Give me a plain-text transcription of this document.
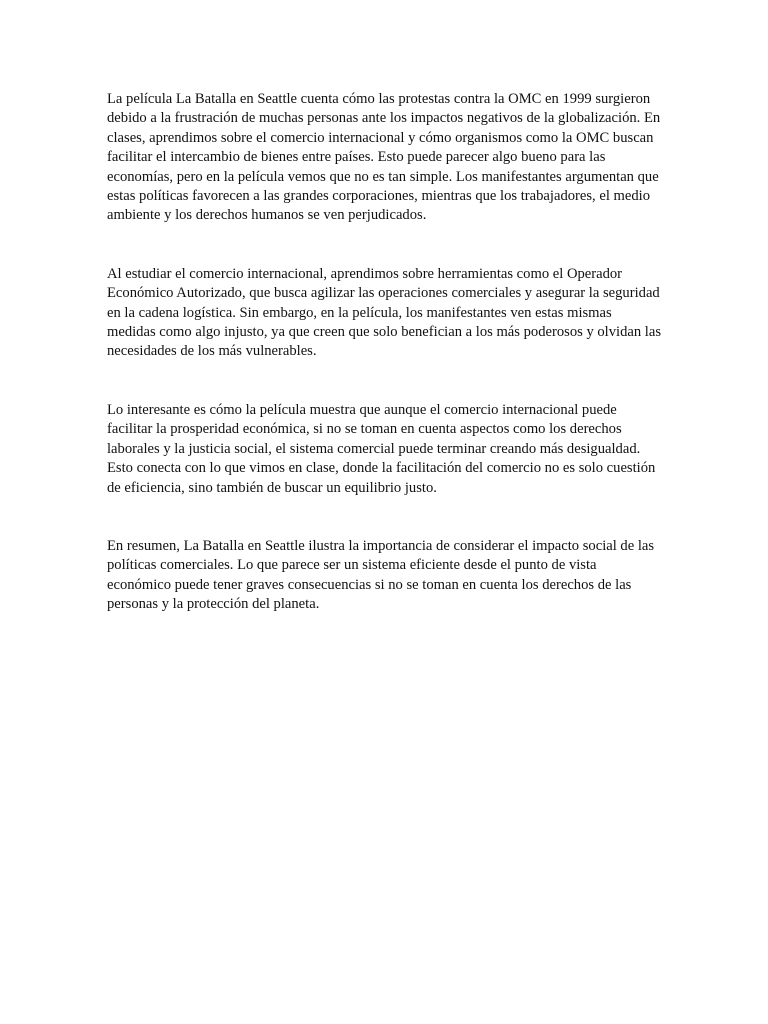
La película La Batalla en Seattle cuenta cómo las protestas contra la OMC en 1999 surgieron debido a la frustración de muchas personas ante los impactos negativos de la globalización. En clases, aprendimos sobre el comercio internacional y cómo organismos como la OMC buscan facilitar el intercambio de bienes entre países. Esto puede parecer algo bueno para las economías, pero en la película vemos que no es tan simple. Los manifestantes argumentan que estas políticas favorecen a las grandes corporaciones, mientras que los trabajadores, el medio ambiente y los derechos humanos se ven perjudicados.

Al estudiar el comercio internacional, aprendimos sobre herramientas como el Operador Económico Autorizado, que busca agilizar las operaciones comerciales y asegurar la seguridad en la cadena logística. Sin embargo, en la película, los manifestantes ven estas mismas medidas como algo injusto, ya que creen que solo benefician a los más poderosos y olvidan las necesidades de los más vulnerables.

Lo interesante es cómo la película muestra que aunque el comercio internacional puede facilitar la prosperidad económica, si no se toman en cuenta aspectos como los derechos laborales y la justicia social, el sistema comercial puede terminar creando más desigualdad. Esto conecta con lo que vimos en clase, donde la facilitación del comercio no es solo cuestión de eficiencia, sino también de buscar un equilibrio justo.

En resumen, La Batalla en Seattle ilustra la importancia de considerar el impacto social de las políticas comerciales. Lo que parece ser un sistema eficiente desde el punto de vista económico puede tener graves consecuencias si no se toman en cuenta los derechos de las personas y la protección del planeta.
